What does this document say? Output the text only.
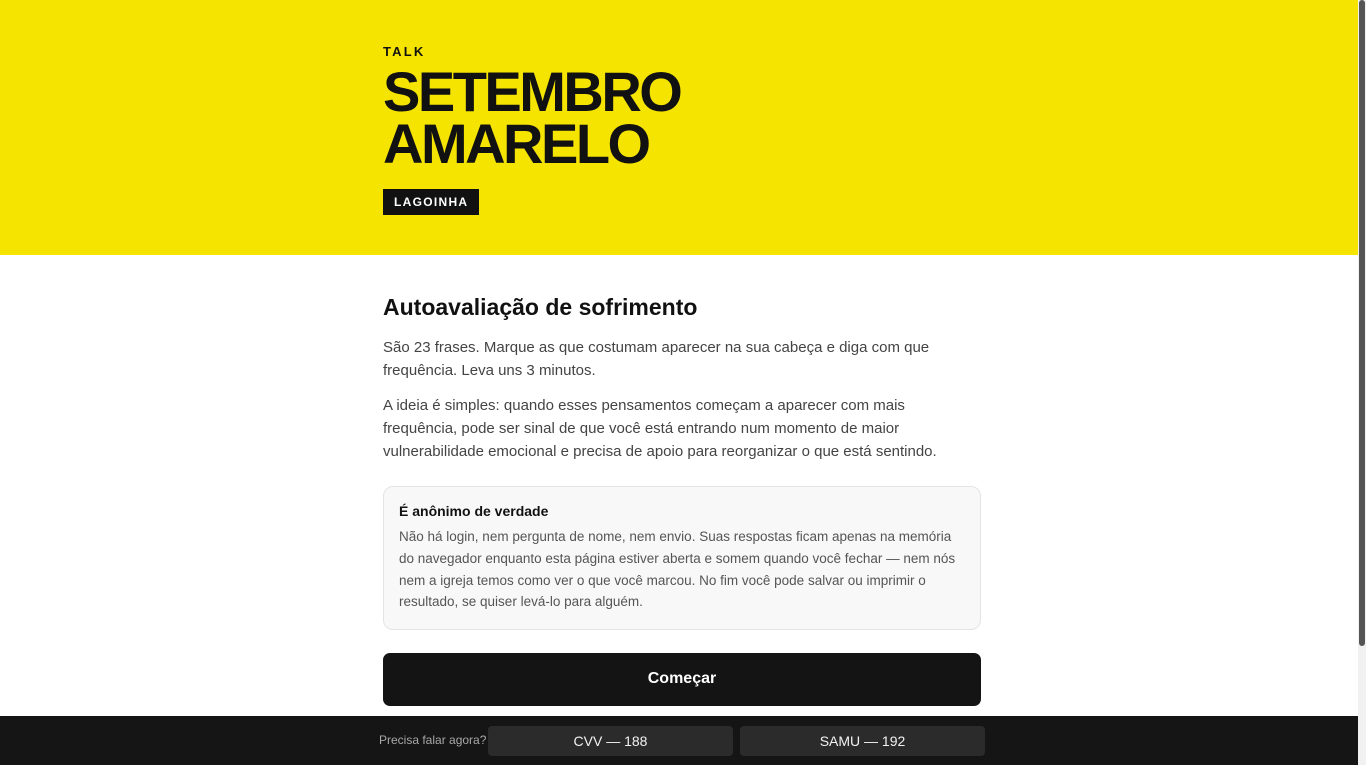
TALK

SETEMBRO
AMARELO
LAGOINHA
Autoavaliação de sofrimento

São 23 frases. Marque as que costumam aparecer na sua cabeça e diga com que frequência. Leva uns 3 minutos.

A ideia é simples: quando esses pensamentos começam a aparecer com mais frequência, pode ser sinal de que você está entrando num momento de maior vulnerabilidade emocional e precisa de apoio para reorganizar o que está sentindo.

É anônimo de verdade

Não há login, nem pergunta de nome, nem envio. Suas respostas ficam apenas na memória do navegador enquanto esta página estiver aberta e somem quando você fechar — nem nós nem a igreja temos como ver o que você marcou. No fim você pode salvar ou imprimir o resultado, se quiser levá-lo para alguém.

Começar
Precisa falar agora?	CVV — 188	SAMU — 192
